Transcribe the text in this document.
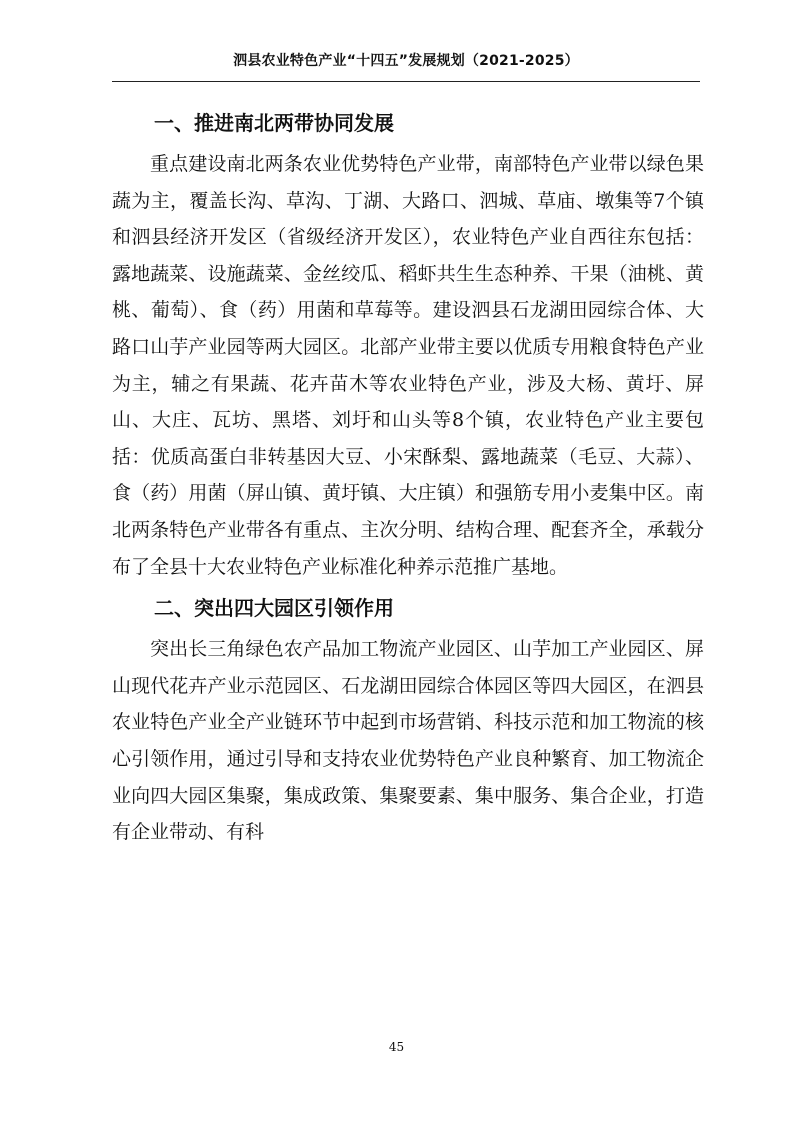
泗县农业特色产业“十四五”发展规划（2021-2025）
一、推进南北两带协同发展

重点建设南北两条农业优势特色产业带，南部特色产业带以绿色果蔬为主，覆盖长沟、草沟、丁湖、大路口、泗城、草庙、墩集等7个镇和泗县经济开发区（省级经济开发区），农业特色产业自西往东包括：露地蔬菜、设施蔬菜、金丝绞瓜、稻虾共生生态种养、干果（油桃、黄桃、葡萄）、食（药）用菌和草莓等。建设泗县石龙湖田园综合体、大路口山芋产业园等两大园区。北部产业带主要以优质专用粮食特色产业为主，辅之有果蔬、花卉苗木等农业特色产业，涉及大杨、黄圩、屏山、大庄、瓦坊、黑塔、刘圩和山头等8个镇，农业特色产业主要包括：优质高蛋白非转基因大豆、小宋酥梨、露地蔬菜（毛豆、大蒜）、食（药）用菌（屏山镇、黄圩镇、大庄镇）和强筋专用小麦集中区。南北两条特色产业带各有重点、主次分明、结构合理、配套齐全，承载分布了全县十大农业特色产业标准化种养示范推广基地。

二、突出四大园区引领作用

突出长三角绿色农产品加工物流产业园区、山芋加工产业园区、屏山现代花卉产业示范园区、石龙湖田园综合体园区等四大园区，在泗县农业特色产业全产业链环节中起到市场营销、科技示范和加工物流的核心引领作用，通过引导和支持农业优势特色产业良种繁育、加工物流企业向四大园区集聚，集成政策、集聚要素、集中服务、集合企业，打造有企业带动、有科

45
